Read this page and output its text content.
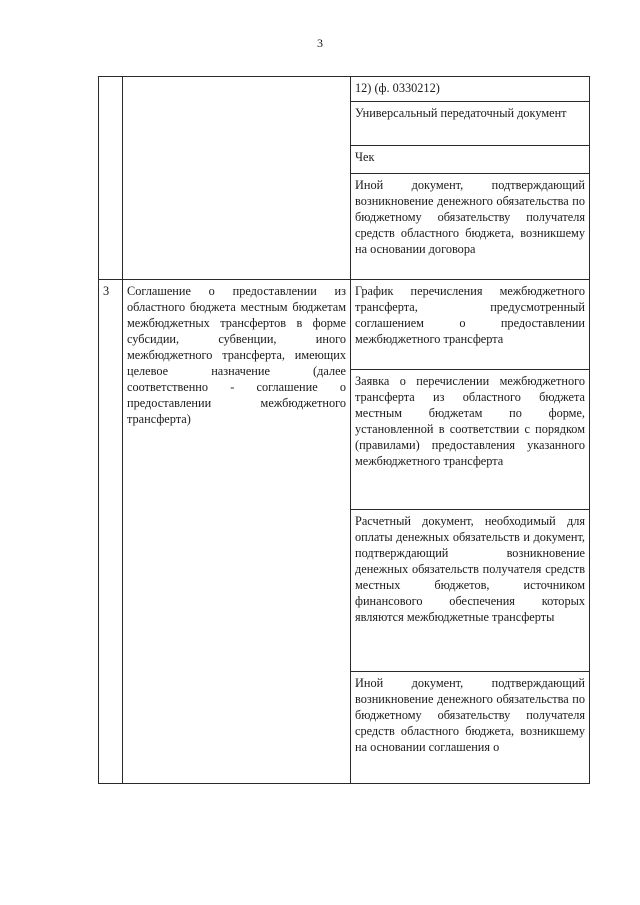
3
		12) (ф. 0330212)
		Универсальный передаточный документ
		Чек
		Иной документ, подтверждающий возникновение денежного обязательства по бюджетному обязательству получателя средств областного бюджета, возникшему на основании договора
3	Соглашение о предоставлении из областного бюджета местным бюджетам межбюджетных трансфертов в форме субсидии, субвенции, иного межбюджетного трансферта, имеющих целевое назначение (далее соответственно - соглашение о предоставлении межбюджетного трансферта)	График перечисления межбюджетного трансферта, предусмотренный соглашением о предоставлении межбюджетного трансферта
		Заявка о перечислении межбюджетного трансферта из областного бюджета местным бюджетам по форме, установленной в соответствии с порядком (правилами) предоставления указанного межбюджетного трансферта
		Расчетный документ, необходимый для оплаты денежных обязательств и документ, подтверждающий возникновение денежных обязательств получателя средств местных бюджетов, источником финансового обеспечения которых являются межбюджетные трансферты
		Иной документ, подтверждающий возникновение денежного обязательства по бюджетному обязательству получателя средств областного бюджета, возникшему на основании соглашения о
